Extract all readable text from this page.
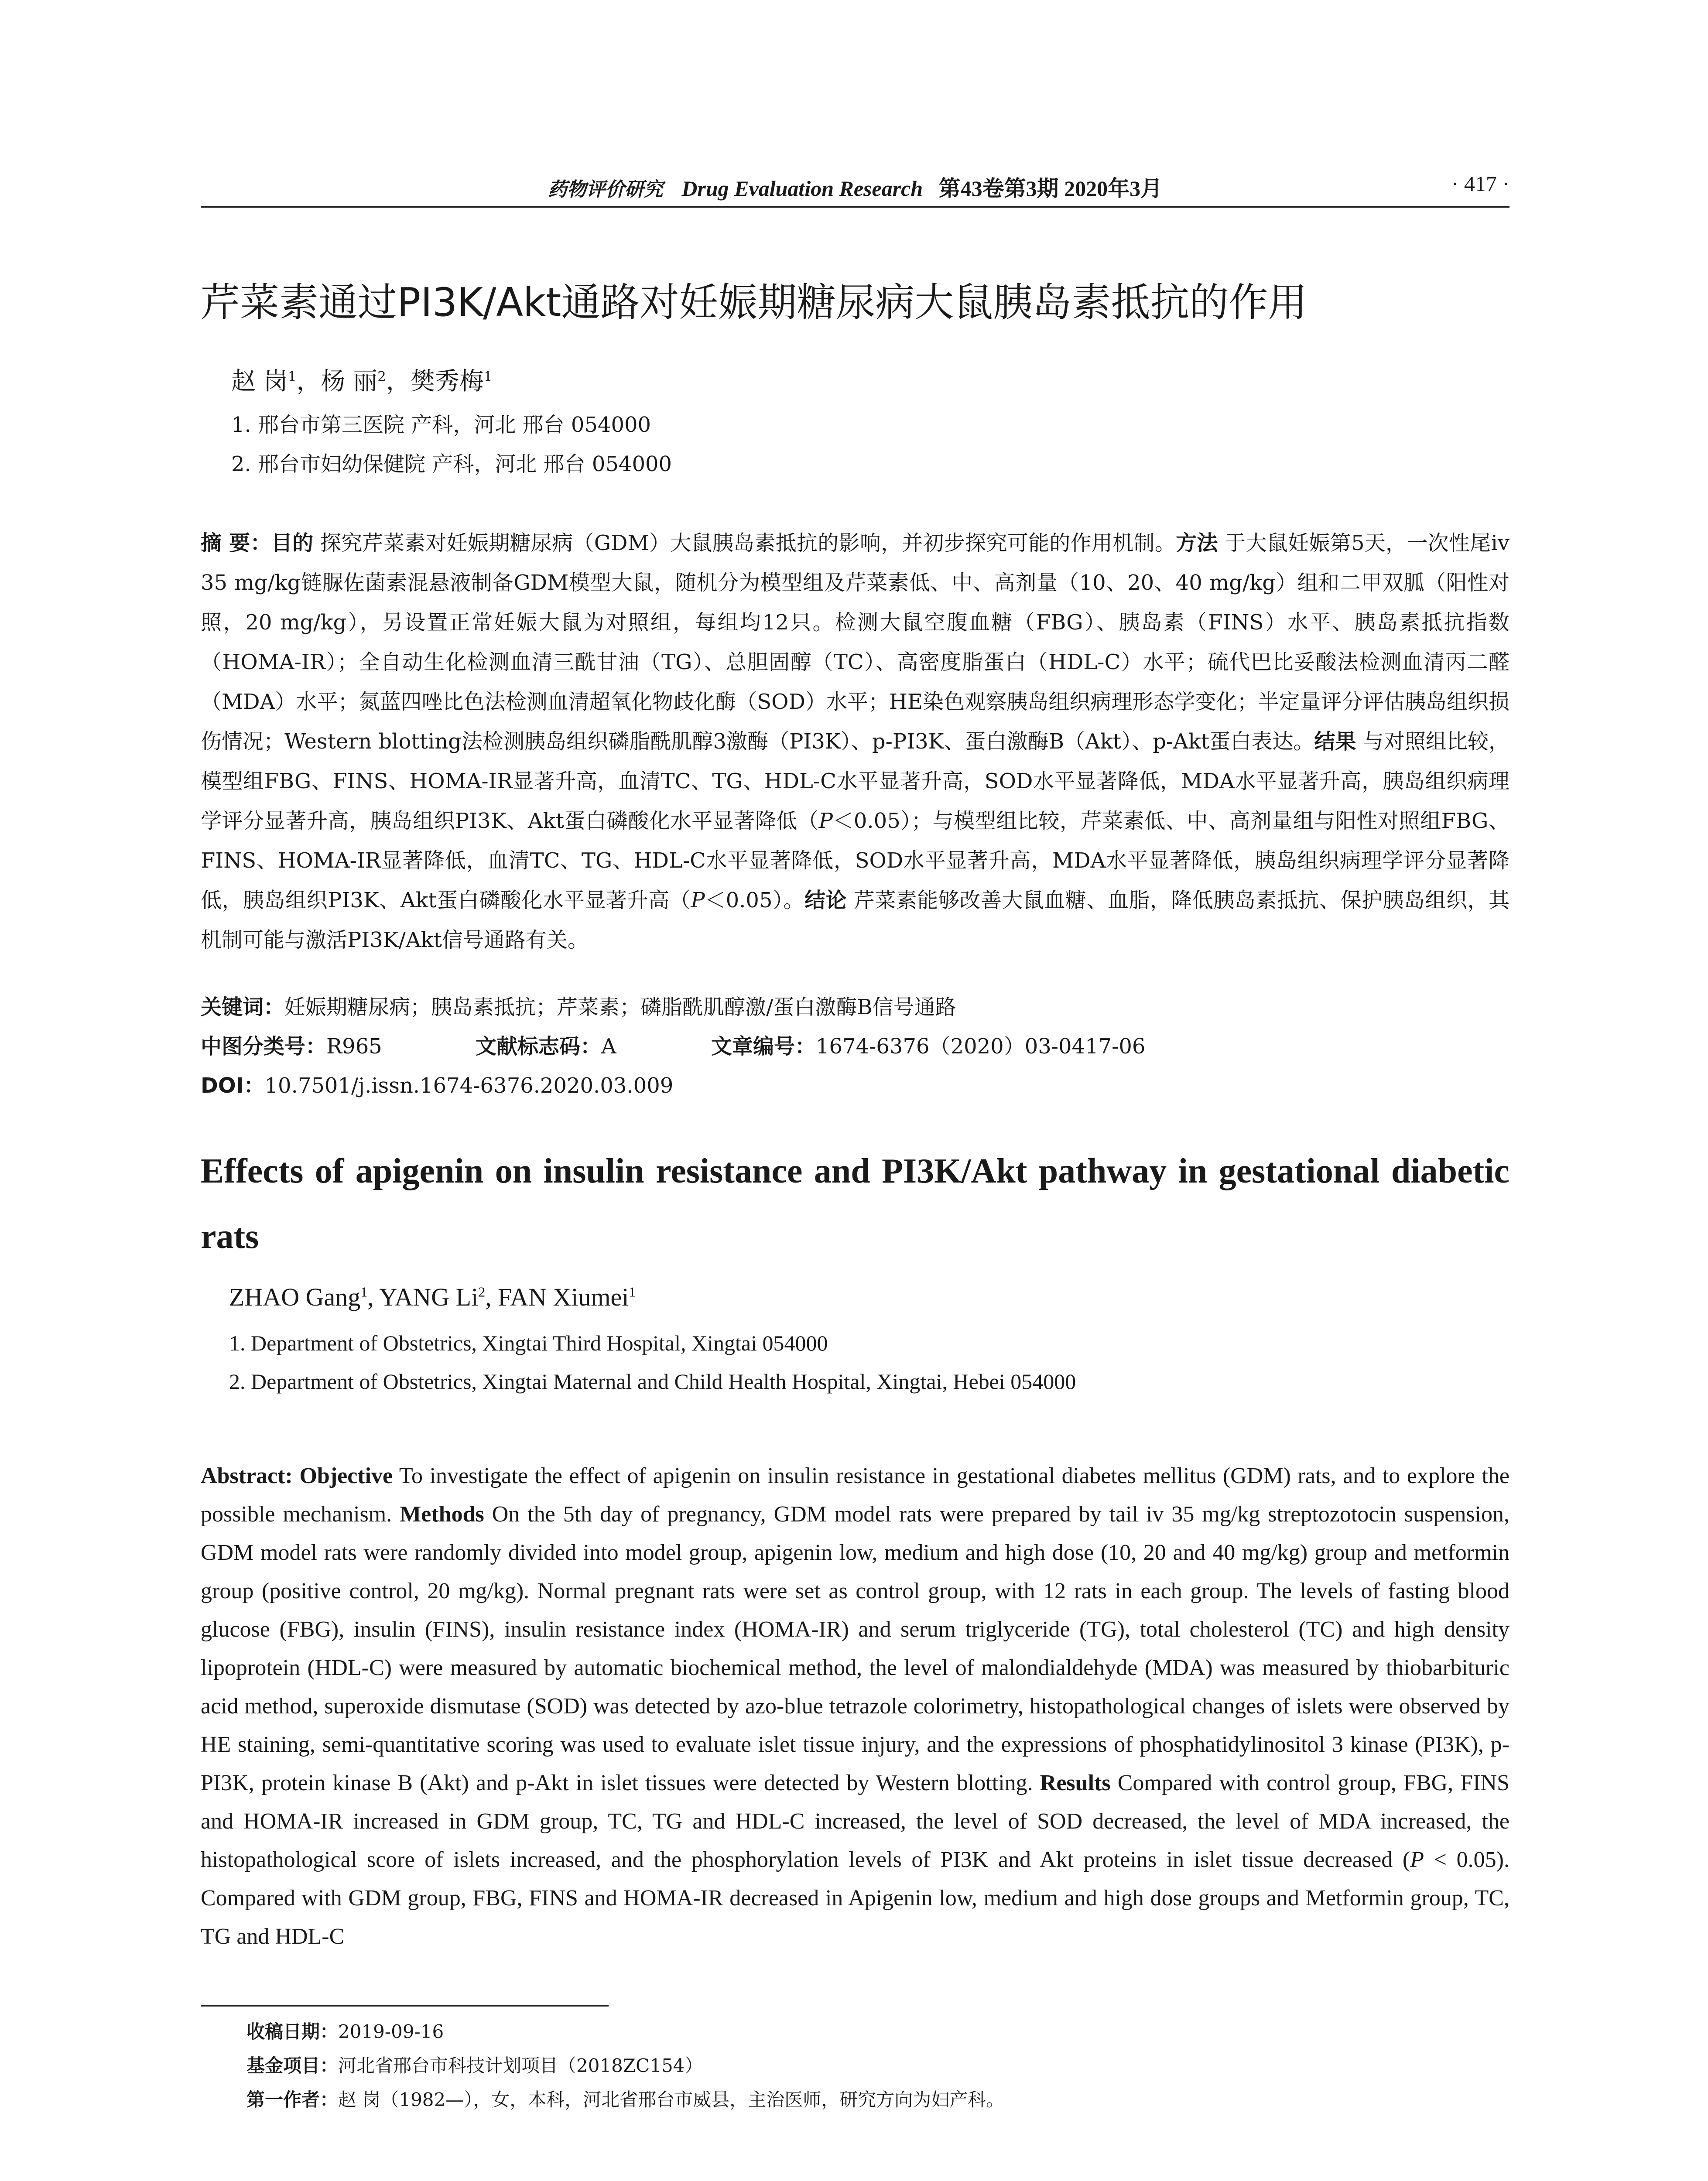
药物评价研究 Drug Evaluation Research 第43卷第3期 2020年3月	· 417 ·
芹菜素通过PI3K/Akt通路对妊娠期糖尿病大鼠胰岛素抵抗的作用
赵 岗$^1$，杨 丽$^2$，樊秀梅$^1$
1. 邢台市第三医院 产科，河北 邢台 054000
2. 邢台市妇幼保健院 产科，河北 邢台 054000
摘 要：目的 探究芹菜素对妊娠期糖尿病（GDM）大鼠胰岛素抵抗的影响，并初步探究可能的作用机制。方法 于大鼠妊娠第5天，一次性尾iv 35 mg/kg链脲佐菌素混悬液制备GDM模型大鼠，随机分为模型组及芹菜素低、中、高剂量（10、20、40 mg/kg）组和二甲双胍（阳性对照，20 mg/kg），另设置正常妊娠大鼠为对照组，每组均12只。检测大鼠空腹血糖（FBG）、胰岛素（FINS）水平、胰岛素抵抗指数（HOMA-IR）；全自动生化检测血清三酰甘油（TG）、总胆固醇（TC）、高密度脂蛋白（HDL-C）水平；硫代巴比妥酸法检测血清丙二醛（MDA）水平；氮蓝四唑比色法检测血清超氧化物歧化酶（SOD）水平；HE染色观察胰岛组织病理形态学变化；半定量评分评估胰岛组织损伤情况；Western blotting法检测胰岛组织磷脂酰肌醇3激酶（PI3K）、p-PI3K、蛋白激酶B（Akt）、p-Akt蛋白表达。结果 与对照组比较，模型组FBG、FINS、HOMA-IR显著升高，血清TC、TG、HDL-C水平显著升高，SOD水平显著降低，MDA水平显著升高，胰岛组织病理学评分显著升高，胰岛组织PI3K、Akt蛋白磷酸化水平显著降低（P＜0.05）；与模型组比较，芹菜素低、中、高剂量组与阳性对照组FBG、FINS、HOMA-IR显著降低，血清TC、TG、HDL-C水平显著降低，SOD水平显著升高，MDA水平显著降低，胰岛组织病理学评分显著降低，胰岛组织PI3K、Akt蛋白磷酸化水平显著升高（P＜0.05）。结论 芹菜素能够改善大鼠血糖、血脂，降低胰岛素抵抗、保护胰岛组织，其机制可能与激活PI3K/Akt信号通路有关。
关键词：妊娠期糖尿病；胰岛素抵抗；芹菜素；磷脂酰肌醇激/蛋白激酶B信号通路
中图分类号：R965	文献标志码：A	文章编号：1674-6376（2020）03-0417-06
DOI：10.7501/j.issn.1674-6376.2020.03.009
Effects of apigenin on insulin resistance and PI3K/Akt pathway in gestational diabetic rats
ZHAO Gang$^1$, YANG Li$^2$, FAN Xiumei$^1$
1. Department of Obstetrics, Xingtai Third Hospital, Xingtai 054000
2. Department of Obstetrics, Xingtai Maternal and Child Health Hospital, Xingtai, Hebei 054000
Abstract: Objective To investigate the effect of apigenin on insulin resistance in gestational diabetes mellitus (GDM) rats, and to explore the possible mechanism. Methods On the 5th day of pregnancy, GDM model rats were prepared by tail iv 35 mg/kg streptozotocin suspension, GDM model rats were randomly divided into model group, apigenin low, medium and high dose (10, 20 and 40 mg/kg) group and metformin group (positive control, 20 mg/kg). Normal pregnant rats were set as control group, with 12 rats in each group. The levels of fasting blood glucose (FBG), insulin (FINS), insulin resistance index (HOMA-IR) and serum triglyceride (TG), total cholesterol (TC) and high density lipoprotein (HDL-C) were measured by automatic biochemical method, the level of malondialdehyde (MDA) was measured by thiobarbituric acid method, superoxide dismutase (SOD) was detected by azo-blue tetrazole colorimetry, histopathological changes of islets were observed by HE staining, semi-quantitative scoring was used to evaluate islet tissue injury, and the expressions of phosphatidylinositol 3 kinase (PI3K), p-PI3K, protein kinase B (Akt) and p-Akt in islet tissues were detected by Western blotting. Results Compared with control group, FBG, FINS and HOMA-IR increased in GDM group, TC, TG and HDL-C increased, the level of SOD decreased, the level of MDA increased, the histopathological score of islets increased, and the phosphorylation levels of PI3K and Akt proteins in islet tissue decreased (P < 0.05). Compared with GDM group, FBG, FINS and HOMA-IR decreased in Apigenin low, medium and high dose groups and Metformin group, TC, TG and HDL-C
收稿日期：2019-09-16
基金项目：河北省邢台市科技计划项目（2018ZC154）
第一作者：赵 岗（1982—），女，本科，河北省邢台市威县，主治医师，研究方向为妇产科。
